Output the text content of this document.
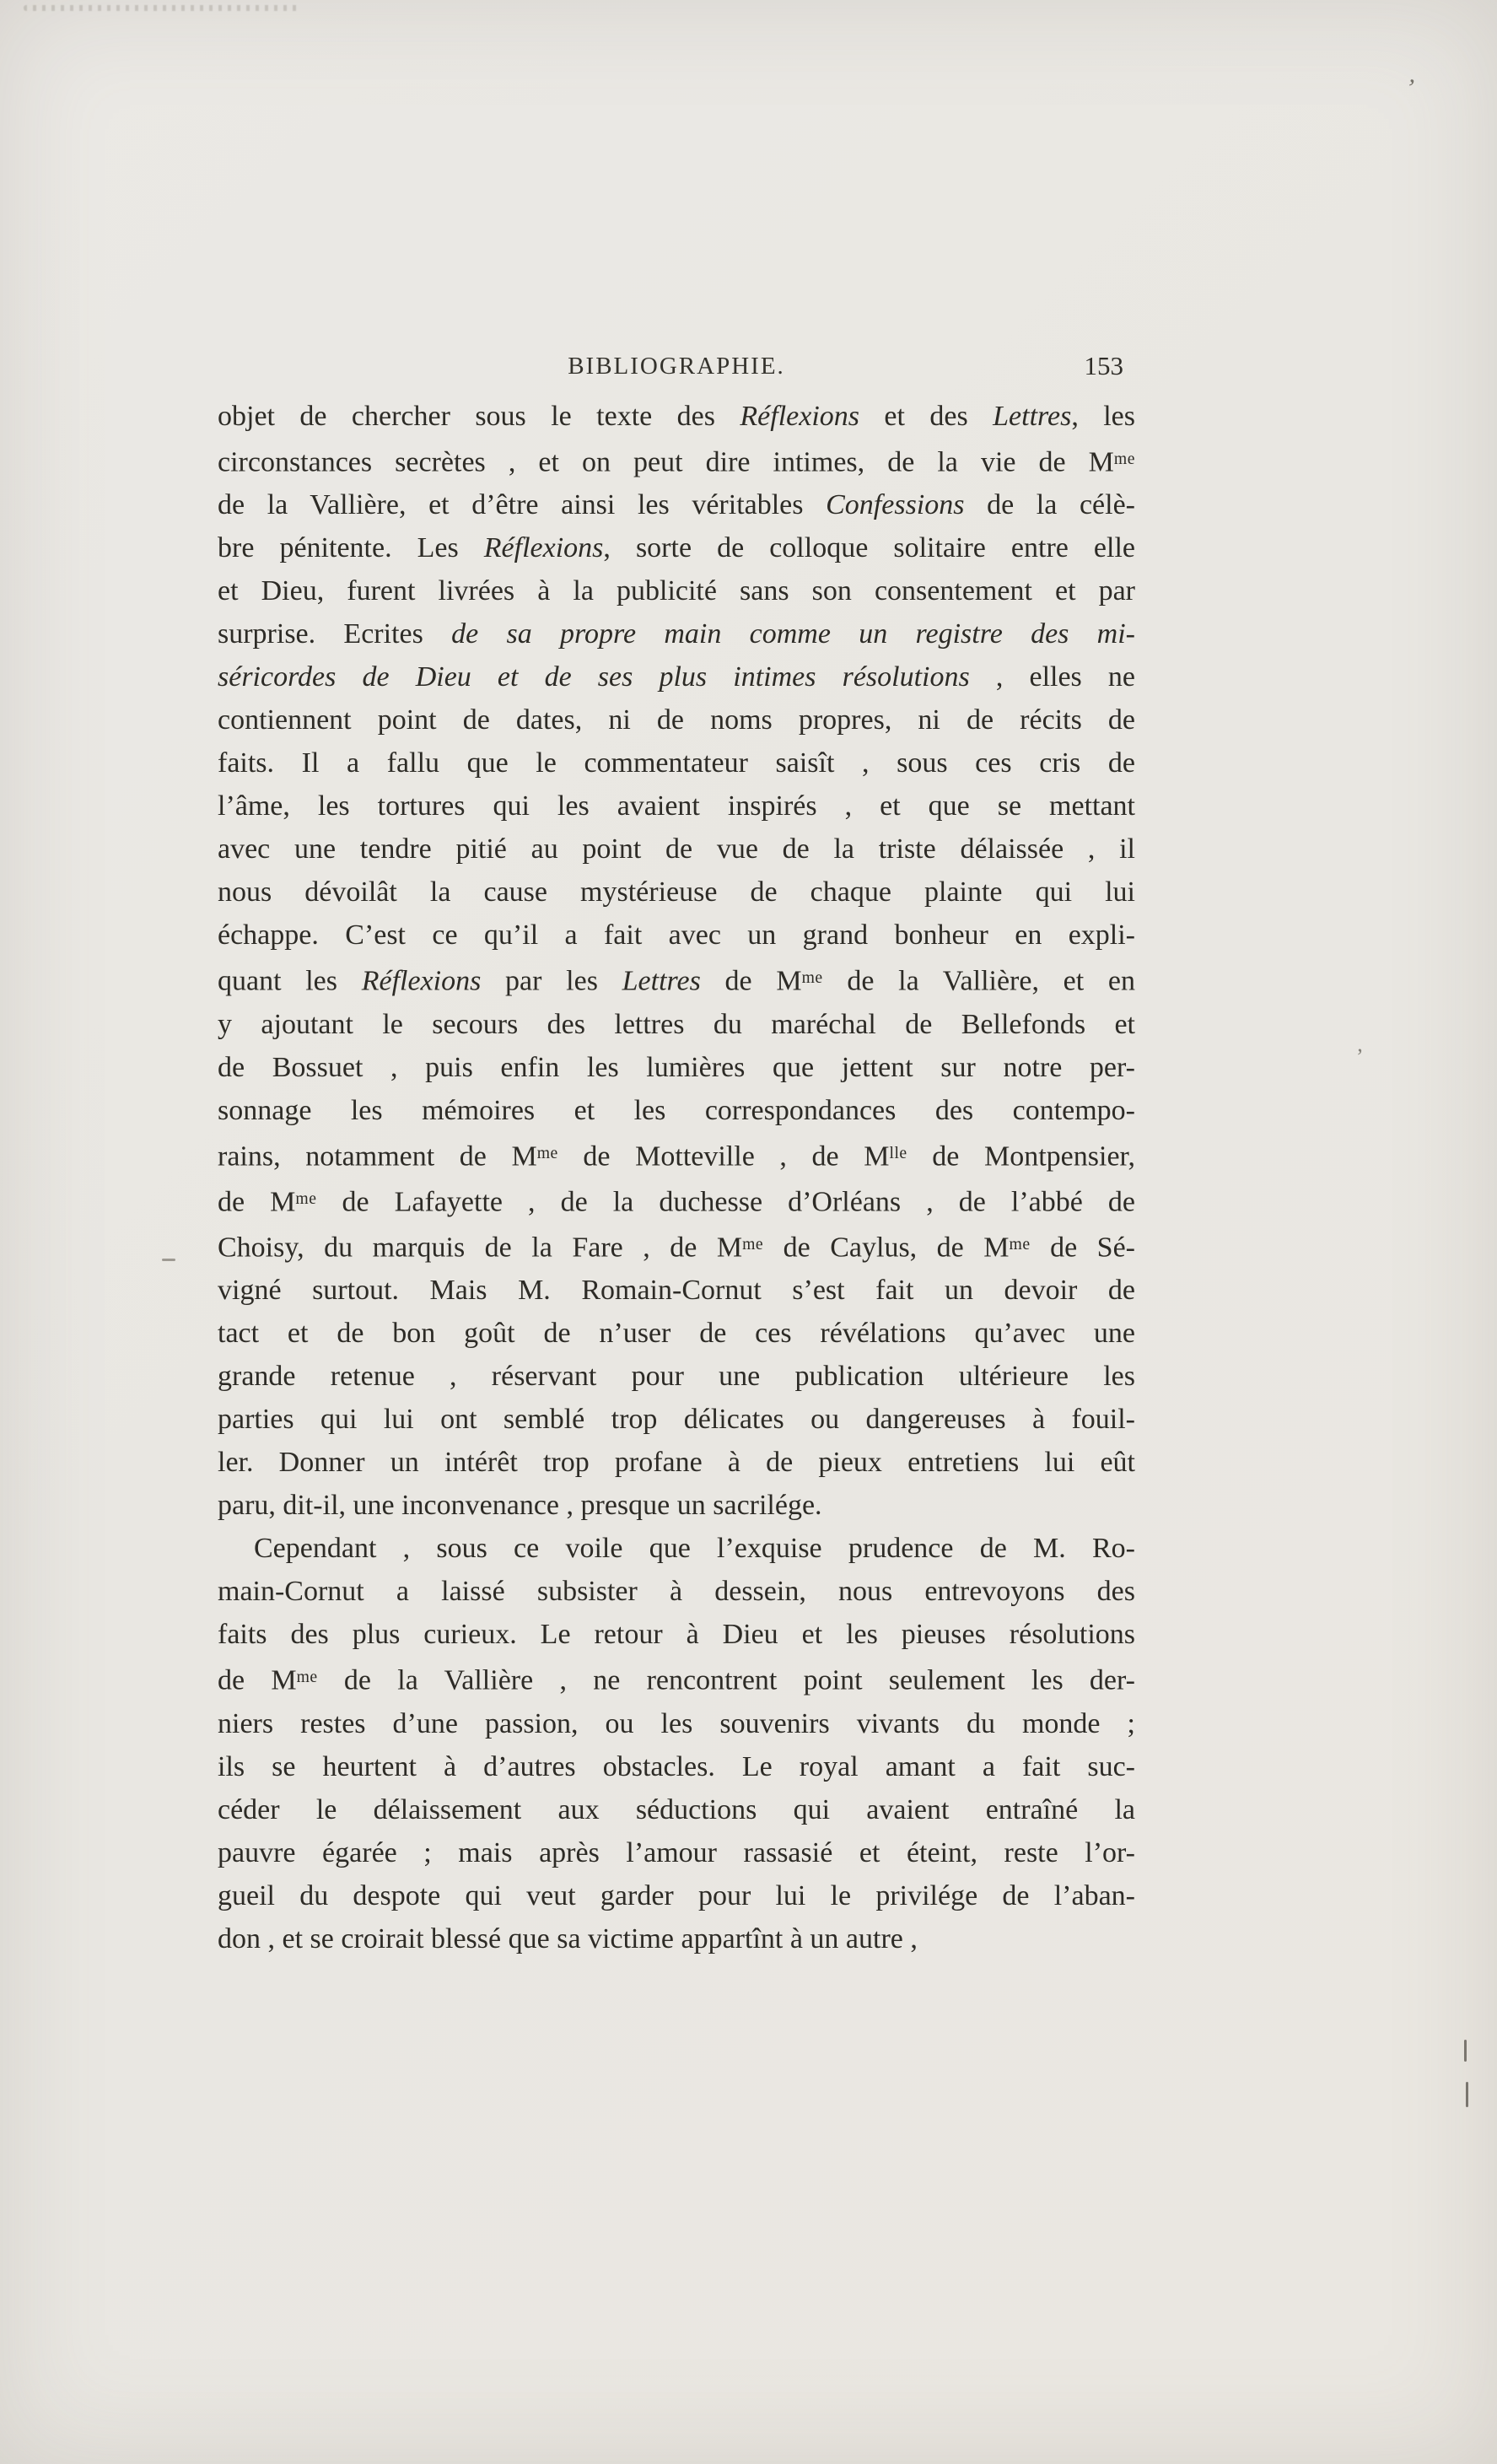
’
’
BIBLIOGRAPHIE.	153
objet de chercher sous le texte des Réflexions et des Lettres, les
circonstances secrètes , et on peut dire intimes, de la vie de $M^{me}$
de la Vallière, et d’être ainsi les véritables Confessions de la célè-
bre pénitente. Les Réflexions, sorte de colloque solitaire entre elle
et Dieu, furent livrées à la publicité sans son consentement et par
surprise. Ecrites de sa propre main comme un registre des mi-
séricordes de Dieu et de ses plus intimes résolutions , elles ne
contiennent point de dates, ni de noms propres, ni de récits de
faits. Il a fallu que le commentateur saisît , sous ces cris de
l’âme, les tortures qui les avaient inspirés , et que se mettant
avec une tendre pitié au point de vue de la triste délaissée , il
nous dévoilât la cause mystérieuse de chaque plainte qui lui
échappe. C’est ce qu’il a fait avec un grand bonheur en expli-
quant les Réflexions par les Lettres de $M^{me}$ de la Vallière, et en
y ajoutant le secours des lettres du maréchal de Bellefonds et
de Bossuet , puis enfin les lumières que jettent sur notre per-
sonnage les mémoires et les correspondances des contempo-
rains, notamment de $M^{me}$ de Motteville , de $M^{lle}$ de Montpensier,
de $M^{me}$ de Lafayette , de la duchesse d’Orléans , de l’abbé de
Choisy, du marquis de la Fare , de $M^{me}$ de Caylus, de $M^{me}$ de Sé-
vigné surtout. Mais M. Romain-Cornut s’est fait un devoir de
tact et de bon goût de n’user de ces révélations qu’avec une
grande retenue , réservant pour une publication ultérieure les
parties qui lui ont semblé trop délicates ou dangereuses à fouil-
ler. Donner un intérêt trop profane à de pieux entretiens lui eût
paru, dit-il, une inconvenance , presque un sacrilége.
Cependant , sous ce voile que l’exquise prudence de M. Ro-
main-Cornut a laissé subsister à dessein, nous entrevoyons des
faits des plus curieux. Le retour à Dieu et les pieuses résolutions
de $M^{me}$ de la Vallière , ne rencontrent point seulement les der-
niers restes d’une passion, ou les souvenirs vivants du monde ;
ils se heurtent à d’autres obstacles. Le royal amant a fait suc-
céder le délaissement aux séductions qui avaient entraîné la
pauvre égarée ; mais après l’amour rassasié et éteint, reste l’or-
gueil du despote qui veut garder pour lui le privilége de l’aban-
don , et se croirait blessé que sa victime appartînt à un autre ,
